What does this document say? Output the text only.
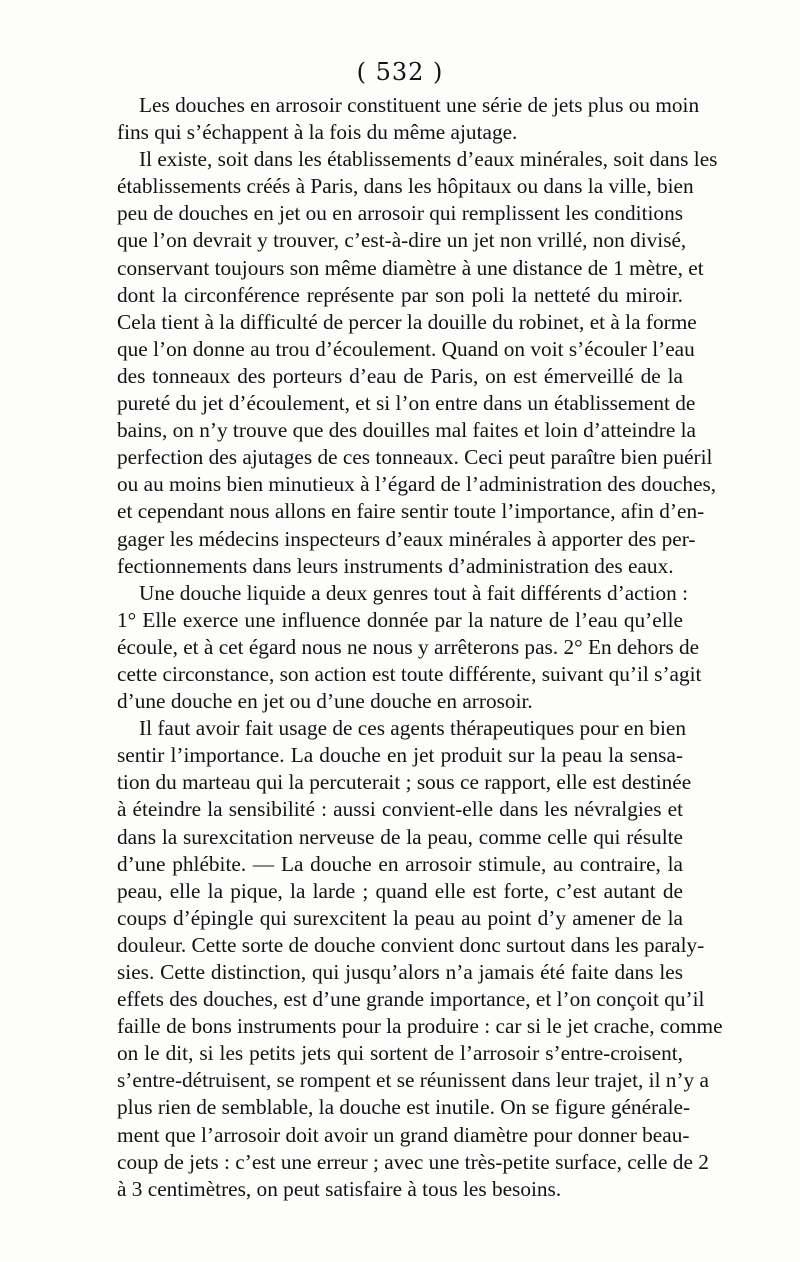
( 532 )
Les douches en arrosoir constituent une série de jets plus ou moin
fins qui s’échappent à la fois du même ajutage.
Il existe, soit dans les établissements d’eaux minérales, soit dans les
établissements créés à Paris, dans les hôpitaux ou dans la ville, bien
peu de douches en jet ou en arrosoir qui remplissent les conditions
que l’on devrait y trouver, c’est-à-dire un jet non vrillé, non divisé,
conservant toujours son même diamètre à une distance de 1 mètre, et
dont la circonférence représente par son poli la netteté du miroir.
Cela tient à la difficulté de percer la douille du robinet, et à la forme
que l’on donne au trou d’écoulement. Quand on voit s’écouler l’eau
des tonneaux des porteurs d’eau de Paris, on est émerveillé de la
pureté du jet d’écoulement, et si l’on entre dans un établissement de
bains, on n’y trouve que des douilles mal faites et loin d’atteindre la
perfection des ajutages de ces tonneaux. Ceci peut paraître bien puéril
ou au moins bien minutieux à l’égard de l’administration des douches,
et cependant nous allons en faire sentir toute l’importance, afin d’en-
gager les médecins inspecteurs d’eaux minérales à apporter des per-
fectionnements dans leurs instruments d’administration des eaux.
Une douche liquide a deux genres tout à fait différents d’action :
1° Elle exerce une influence donnée par la nature de l’eau qu’elle
écoule, et à cet égard nous ne nous y arrêterons pas. 2° En dehors de
cette circonstance, son action est toute différente, suivant qu’il s’agit
d’une douche en jet ou d’une douche en arrosoir.
Il faut avoir fait usage de ces agents thérapeutiques pour en bien
sentir l’importance. La douche en jet produit sur la peau la sensa-
tion du marteau qui la percuterait ; sous ce rapport, elle est destinée
à éteindre la sensibilité : aussi convient-elle dans les névralgies et
dans la surexcitation nerveuse de la peau, comme celle qui résulte
d’une phlébite. — La douche en arrosoir stimule, au contraire, la
peau, elle la pique, la larde ; quand elle est forte, c’est autant de
coups d’épingle qui surexcitent la peau au point d’y amener de la
douleur. Cette sorte de douche convient donc surtout dans les paraly-
sies. Cette distinction, qui jusqu’alors n’a jamais été faite dans les
effets des douches, est d’une grande importance, et l’on conçoit qu’il
faille de bons instruments pour la produire : car si le jet crache, comme
on le dit, si les petits jets qui sortent de l’arrosoir s’entre-croisent,
s’entre-détruisent, se rompent et se réunissent dans leur trajet, il n’y a
plus rien de semblable, la douche est inutile. On se figure générale-
ment que l’arrosoir doit avoir un grand diamètre pour donner beau-
coup de jets : c’est une erreur ; avec une très-petite surface, celle de 2
à 3 centimètres, on peut satisfaire à tous les besoins.
